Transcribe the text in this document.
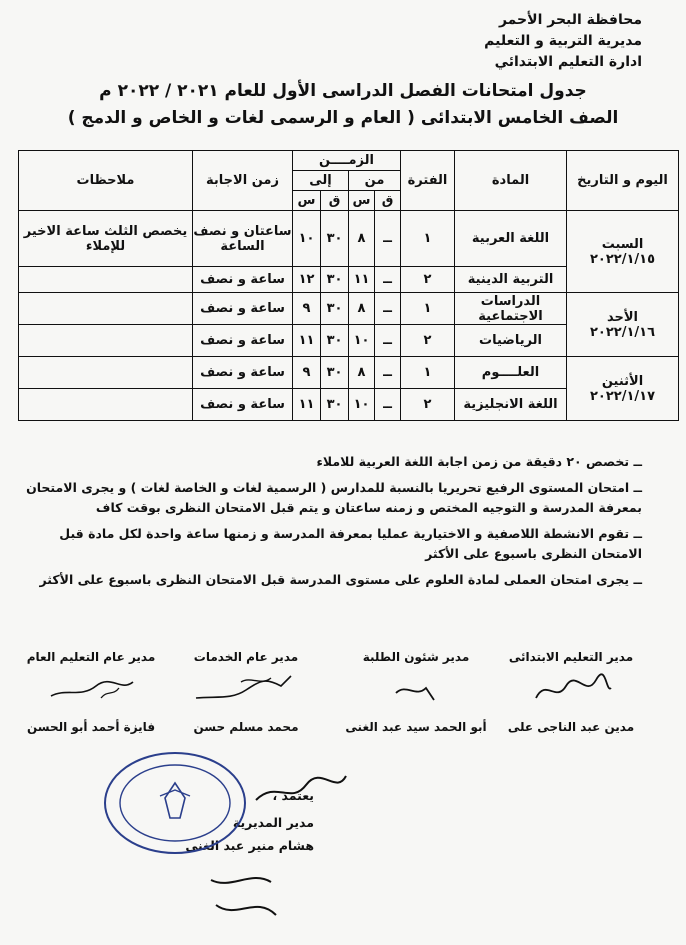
محافظة البحر الأحمر
مديرية التربية و التعليم
ادارة التعليم الابتدائي
جدول امتحانات الفصل الدراسى الأول للعام ٢٠٢١ / ٢٠٢٢ م
الصف الخامس الابتدائى ( العام و الرسمى لغات و الخاص و الدمج )
اليوم و التاريخ	المادة	الفترة	الزمــــن				زمن الاجابة	ملاحظات
			من		إلى			
			ق	س	ق	س		

السبت
٢٠٢٢/١/١٥	اللغة العربية	١	ــ	٨	٣٠	١٠	ساعتان و نصف الساعة	يخصص الثلث ساعة الاخير للإملاء
	التربية الدينية	٢	ــ	١١	٣٠	١٢	ساعة و نصف	

الأحد
٢٠٢٢/١/١٦	الدراسات الاجتماعية	١	ــ	٨	٣٠	٩	ساعة و نصف	
	الرياضيات	٢	ــ	١٠	٣٠	١١	ساعة و نصف	

الأثنين
٢٠٢٢/١/١٧	العلــــوم	١	ــ	٨	٣٠	٩	ساعة و نصف	
	اللغة الانجليزية	٢	ــ	١٠	٣٠	١١	ساعة و نصف	

ــ تخصص ٢٠ دقيقة من زمن اجابة اللغة العربية للاملاء

ــ امتحان المستوى الرفيع تحريريا بالنسبة للمدارس ( الرسمية لغات و الخاصة لغات ) و يجرى الامتحان بمعرفة المدرسة و التوجيه المختص و زمنه ساعتان و يتم قبل الامتحان النظرى بوقت كاف

ــ تقوم الانشطة اللاصفية و الاختيارية عمليا بمعرفة المدرسة و زمنها ساعة واحدة لكل مادة قبل الامتحان النظرى باسبوع على الأكثر

ــ يجرى امتحان العملى لمادة العلوم على مستوى المدرسة قبل الامتحان النظرى باسبوع على الأكثر

مدير التعليم الابتدائى
مدين عبد الناجى على
مدير شئون الطلبة
أبو الحمد سيد عبد الغنى
مدير عام الخدمات
محمد مسلم حسن
مدير عام التعليم العام
فايزة أحمد أبو الحسن
يعتمد ،
مدير المديرية
هشام منير عبد الغنى
